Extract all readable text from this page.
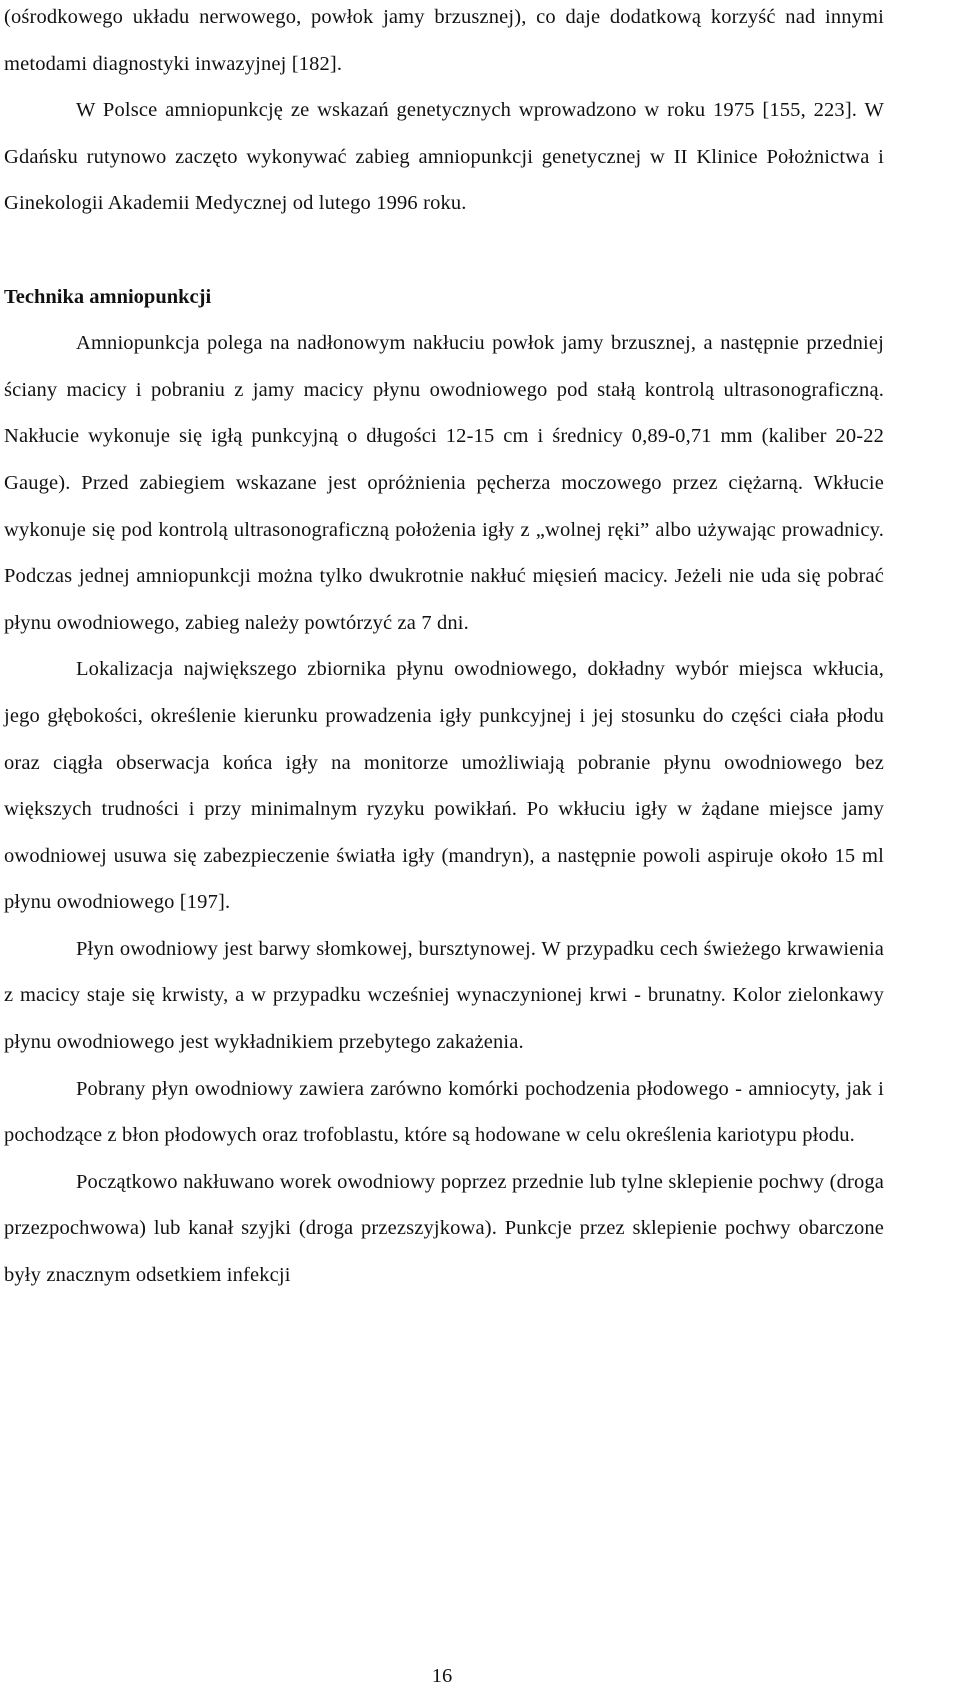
(ośrodkowego układu nerwowego, powłok jamy brzusznej), co daje dodatkową korzyść nad innymi metodami diagnostyki inwazyjnej [182].

W Polsce amniopunkcję ze wskazań genetycznych wprowadzono w roku 1975 [155, 223]. W Gdańsku rutynowo zaczęto wykonywać zabieg amniopunkcji genetycznej w II Klinice Położnictwa i Ginekologii Akademii Medycznej od lutego 1996 roku.

Technika amniopunkcji

Amniopunkcja polega na nadłonowym nakłuciu powłok jamy brzusznej, a następnie przedniej ściany macicy i pobraniu z jamy macicy płynu owodniowego pod stałą kontrolą ultrasonograficzną. Nakłucie wykonuje się igłą punkcyjną o długości 12-15 cm i średnicy 0,89-0,71 mm (kaliber 20-22 Gauge). Przed zabiegiem wskazane jest opróżnienia pęcherza moczowego przez ciężarną. Wkłucie wykonuje się pod kontrolą ultrasonograficzną położenia igły z „wolnej ręki” albo używając prowadnicy. Podczas jednej amniopunkcji można tylko dwukrotnie nakłuć mięsień macicy. Jeżeli nie uda się pobrać płynu owodniowego, zabieg należy powtórzyć za 7 dni.

Lokalizacja największego zbiornika płynu owodniowego, dokładny wybór miejsca wkłucia, jego głębokości, określenie kierunku prowadzenia igły punkcyjnej i jej stosunku do części ciała płodu oraz ciągła obserwacja końca igły na monitorze umożliwiają pobranie płynu owodniowego bez większych trudności i przy minimalnym ryzyku powikłań. Po wkłuciu igły w żądane miejsce jamy owodniowej usuwa się zabezpieczenie światła igły (mandryn), a następnie powoli aspiruje około 15 ml płynu owodniowego [197].

Płyn owodniowy jest barwy słomkowej, bursztynowej. W przypadku cech świeżego krwawienia z macicy staje się krwisty, a w przypadku wcześniej wynaczynionej krwi - brunatny. Kolor zielonkawy płynu owodniowego jest wykładnikiem przebytego zakażenia.

Pobrany płyn owodniowy zawiera zarówno komórki pochodzenia płodowego - amniocyty, jak i pochodzące z błon płodowych oraz trofoblastu, które są hodowane w celu określenia kariotypu płodu.

Początkowo nakłuwano worek owodniowy poprzez przednie lub tylne sklepienie pochwy (droga przezpochwowa) lub kanał szyjki (droga przezszyjkowa). Punkcje przez sklepienie pochwy obarczone były znacznym odsetkiem infekcji

16
